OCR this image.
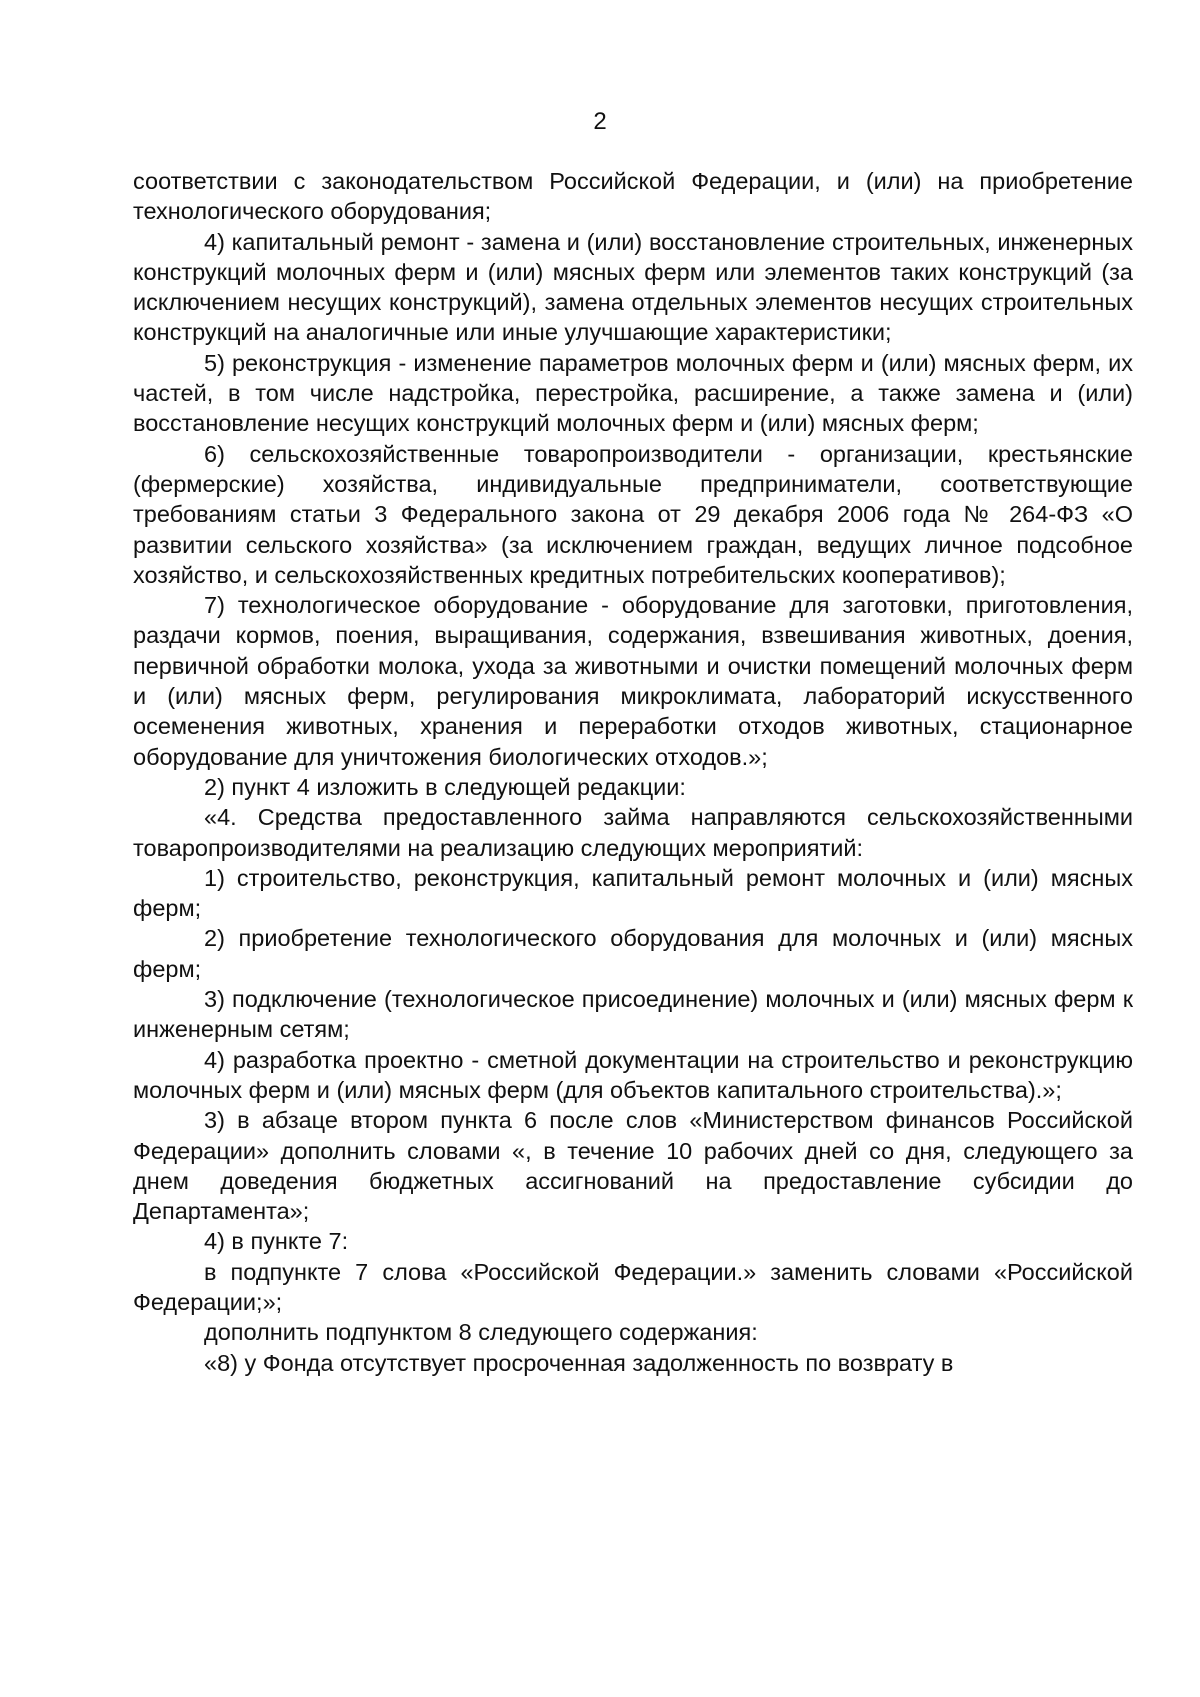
2

соответствии с законодательством Российской Федерации, и (или) на приобретение технологического оборудования;

4) капитальный ремонт - замена и (или) восстановление строительных, инженерных конструкций молочных ферм и (или) мясных ферм или элементов таких конструкций (за исключением несущих конструкций), замена отдельных элементов несущих строительных конструкций на аналогичные или иные улучшающие характеристики;

5) реконструкция - изменение параметров молочных ферм и (или) мясных ферм, их частей, в том числе надстройка, перестройка, расширение, а также замена и (или) восстановление несущих конструкций молочных ферм и (или) мясных ферм;

6) сельскохозяйственные товаропроизводители - организации, крестьянские (фермерские) хозяйства, индивидуальные предприниматели, соответствующие требованиям статьи 3 Федерального закона от 29 декабря 2006 года № 264-ФЗ «О развитии сельского хозяйства» (за исключением граждан, ведущих личное подсобное хозяйство, и сельскохозяйственных кредитных потребительских кооперативов);

7) технологическое оборудование - оборудование для заготовки, приготовления, раздачи кормов, поения, выращивания, содержания, взвешивания животных, доения, первичной обработки молока, ухода за животными и очистки помещений молочных ферм и (или) мясных ферм, регулирования микроклимата, лабораторий искусственного осеменения животных, хранения и переработки отходов животных, стационарное оборудование для уничтожения биологических отходов.»;

2) пункт 4 изложить в следующей редакции:

«4. Средства предоставленного займа направляются сельскохозяйственными товаропроизводителями на реализацию следующих мероприятий:

1) строительство, реконструкция, капитальный ремонт молочных и (или) мясных ферм;

2) приобретение технологического оборудования для молочных и (или) мясных ферм;

3) подключение (технологическое присоединение) молочных и (или) мясных ферм к инженерным сетям;

4) разработка проектно - сметной документации на строительство и реконструкцию молочных ферм и (или) мясных ферм (для объектов капитального строительства).»;

3) в абзаце втором пункта 6 после слов «Министерством финансов Российской Федерации» дополнить словами «, в течение 10 рабочих дней со дня, следующего за днем доведения бюджетных ассигнований на предоставление субсидии до Департамента»;

4) в пункте 7:

в подпункте 7 слова «Российской Федерации.» заменить словами «Российской Федерации;»;

дополнить подпунктом 8 следующего содержания:

«8) у Фонда отсутствует просроченная задолженность по возврату в
